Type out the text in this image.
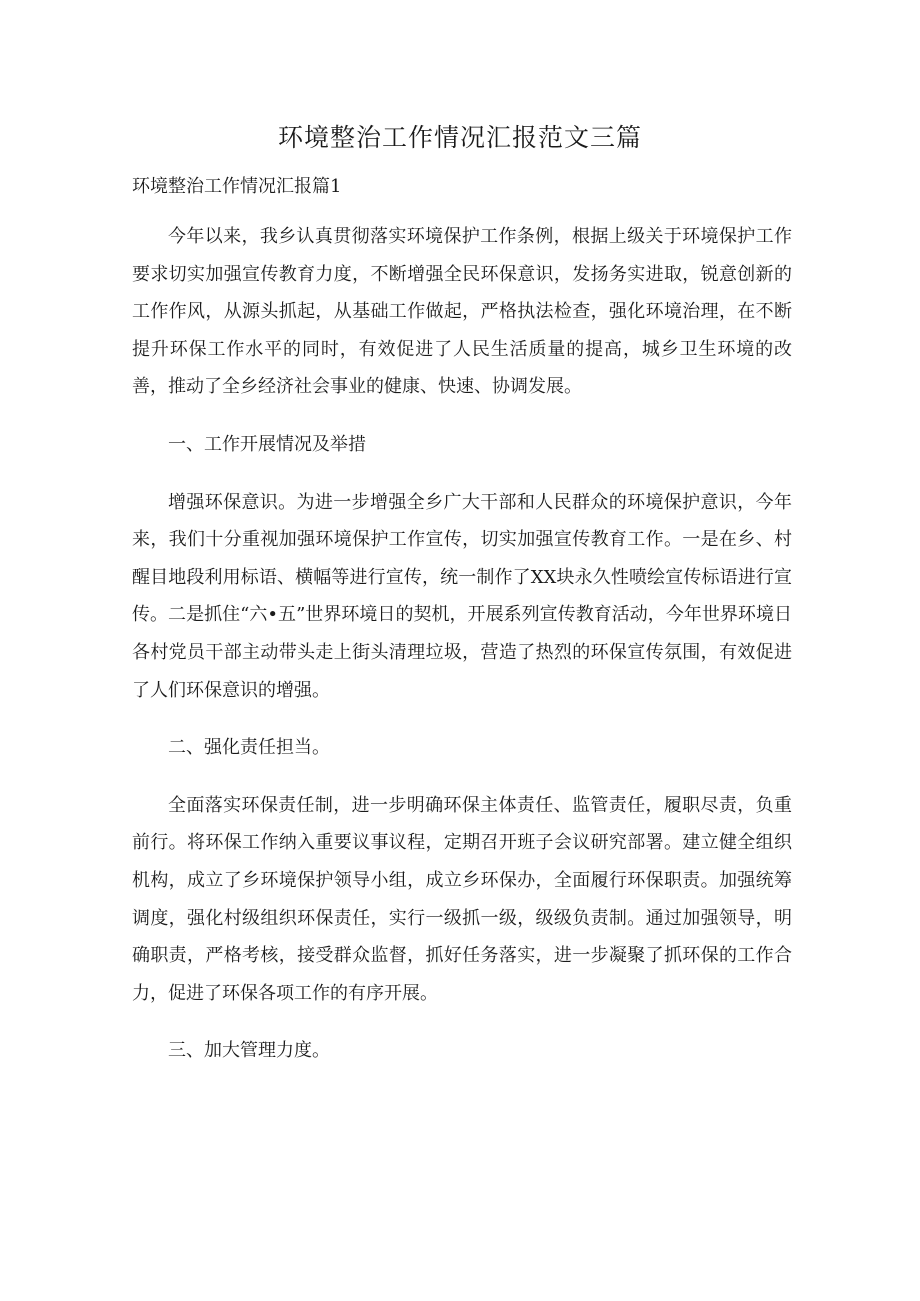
环境整治工作情况汇报范文三篇
环境整治工作情况汇报篇1

今年以来，我乡认真贯彻落实环境保护工作条例，根据上级关于环境保护工作要求切实加强宣传教育力度，不断增强全民环保意识，发扬务实进取，锐意创新的工作作风，从源头抓起，从基础工作做起，严格执法检查，强化环境治理，在不断提升环保工作水平的同时，有效促进了人民生活质量的提高，城乡卫生环境的改善，推动了全乡经济社会事业的健康、快速、协调发展。

一、工作开展情况及举措

增强环保意识。为进一步增强全乡广大干部和人民群众的环境保护意识，今年来，我们十分重视加强环境保护工作宣传，切实加强宣传教育工作。一是在乡、村醒目地段利用标语、横幅等进行宣传，统一制作了XX块永久性喷绘宣传标语进行宣传。二是抓住“六•五”世界环境日的契机，开展系列宣传教育活动，今年世界环境日各村党员干部主动带头走上街头清理垃圾，营造了热烈的环保宣传氛围，有效促进了人们环保意识的增强。

二、强化责任担当。

全面落实环保责任制，进一步明确环保主体责任、监管责任，履职尽责，负重前行。将环保工作纳入重要议事议程，定期召开班子会议研究部署。建立健全组织机构，成立了乡环境保护领导小组，成立乡环保办，全面履行环保职责。加强统筹调度，强化村级组织环保责任，实行一级抓一级，级级负责制。通过加强领导，明确职责，严格考核，接受群众监督，抓好任务落实，进一步凝聚了抓环保的工作合力，促进了环保各项工作的有序开展。

三、加大管理力度。
